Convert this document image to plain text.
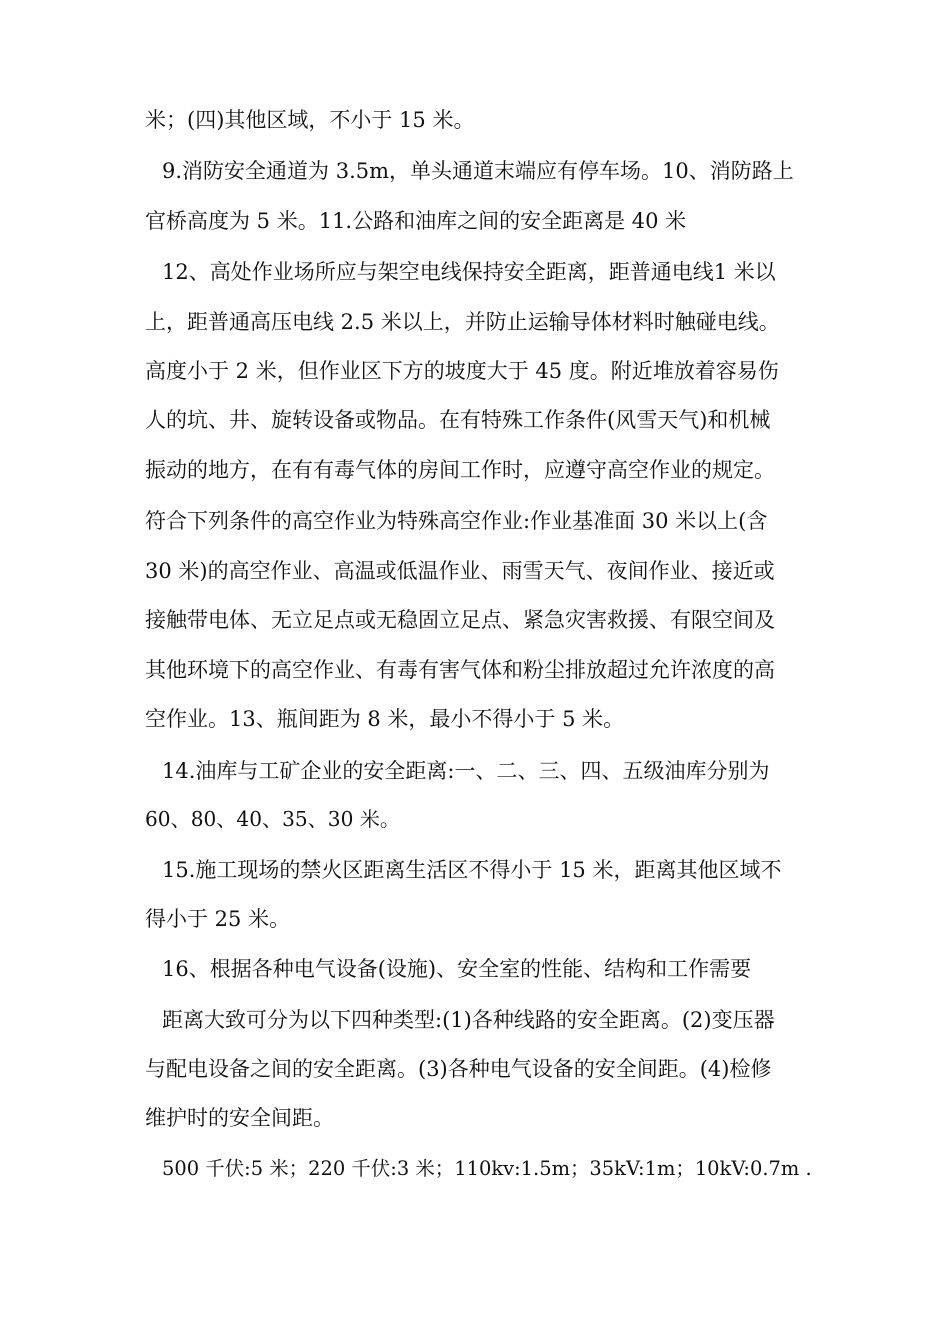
米；(四)其他区域，不小于 15 米。
9.消防安全通道为 3.5m，单头通道末端应有停车场。10、消防路上
官桥高度为 5 米。11.公路和油库之间的安全距离是 40 米
12、高处作业场所应与架空电线保持安全距离，距普通电线1 米以
上，距普通高压电线 2.5 米以上，并防止运输导体材料时触碰电线。
高度小于 2 米，但作业区下方的坡度大于 45 度。附近堆放着容易伤
人的坑、井、旋转设备或物品。在有特殊工作条件(风雪天气)和机械
振动的地方，在有有毒气体的房间工作时，应遵守高空作业的规定。
符合下列条件的高空作业为特殊高空作业:作业基准面 30 米以上(含
30 米)的高空作业、高温或低温作业、雨雪天气、夜间作业、接近或
接触带电体、无立足点或无稳固立足点、紧急灾害救援、有限空间及
其他环境下的高空作业、有毒有害气体和粉尘排放超过允许浓度的高
空作业。13、瓶间距为 8 米，最小不得小于 5 米。
14.油库与工矿企业的安全距离:一、二、三、四、五级油库分别为
60、80、40、35、30 米。
15.施工现场的禁火区距离生活区不得小于 15 米，距离其他区域不
得小于 25 米。
16、根据各种电气设备(设施)、安全室的性能、结构和工作需要
距离大致可分为以下四种类型:(1)各种线路的安全距离。(2)变压器
与配电设备之间的安全距离。(3)各种电气设备的安全间距。(4)检修
维护时的安全间距。
500 千伏:5 米；220 千伏:3 米；110kv:1.5m；35kV:1m；10kV:0.7m .
